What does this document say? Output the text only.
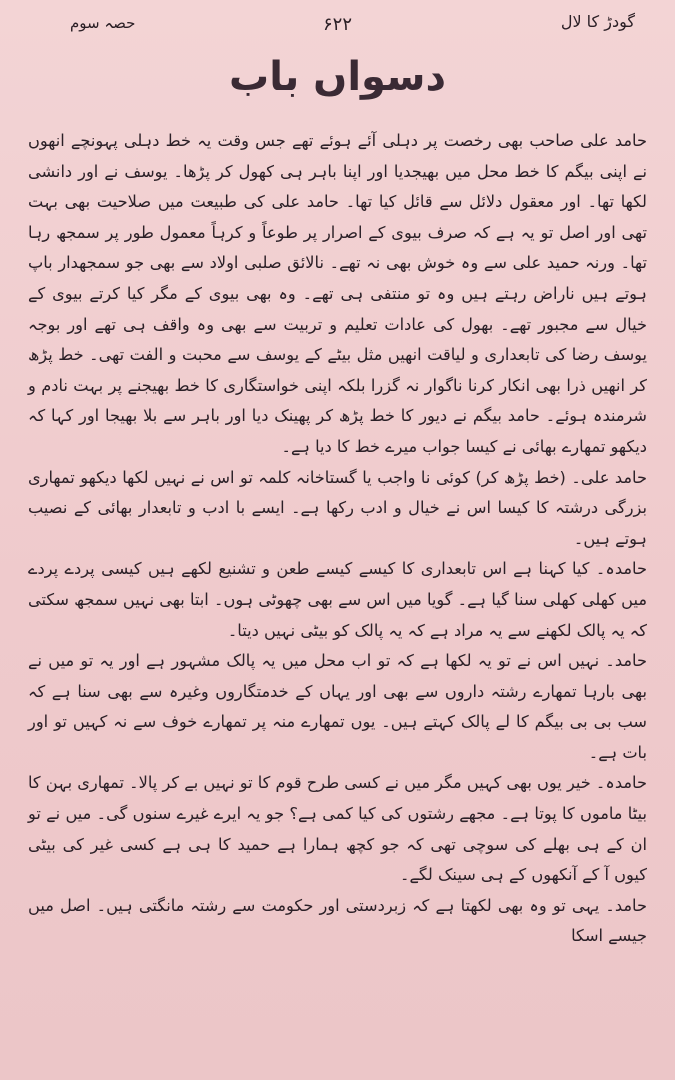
حصہ سوم	۶۲۲	گودڑ کا لال
دسواں باب

حامد علی صاحب بھی رخصت پر دہلی آئے ہوئے تھے جس وقت یہ خط دہلی پہونچے انھوں نے اپنی بیگم کا خط محل میں بھیجدیا اور اپنا باہر ہی کھول کر پڑھا۔ یوسف نے اور دانشی لکھا تھا۔ اور معقول دلائل سے قائل کیا تھا۔ حامد علی کی طبیعت میں صلاحیت بھی بہت تھی اور اصل تو یہ ہے کہ صرف بیوی کے اصرار پر طوعاً و کرہاً معمول طور پر سمجھ رہا تھا۔ ورنہ حمید علی سے وہ خوش بھی نہ تھے۔ نالائق صلبی اولاد سے بھی جو سمجھدار باپ ہوتے ہیں ناراض رہتے ہیں وہ تو منتفی ہی تھے۔ وہ بھی بیوی کے مگر کیا کرتے بیوی کے خیال سے مجبور تھے۔ بھول کی عادات تعلیم و تربیت سے بھی وہ واقف ہی تھے اور بوجہ یوسف رضا کی تابعداری و لیاقت انھیں مثل بیٹے کے یوسف سے محبت و الفت تھی۔ خط پڑھ کر انھیں ذرا بھی انکار کرنا ناگوار نہ گزرا بلکہ اپنی خواستگاری کا خط بھیجنے پر بہت نادم و شرمندہ ہوئے۔ حامد بیگم نے دیور کا خط پڑھ کر پھینک دیا اور باہر سے بلا بھیجا اور کہا کہ دیکھو تمھارے بھائی نے کیسا جواب میرے خط کا دیا ہے۔

حامد علی۔ (خط پڑھ کر) کوئی نا واجب یا گستاخانہ کلمہ تو اس نے نہیں لکھا دیکھو تمھاری بزرگی درشتہ کا کیسا اس نے خیال و ادب رکھا ہے۔ ایسے با ادب و تابعدار بھائی کے نصیب ہوتے ہیں۔

حامدہ۔ کیا کہنا ہے اس تابعداری کا کیسے کیسے طعن و تشنیع لکھے ہیں کیسی پردے پردے میں کھلی کھلی سنا گیا ہے۔ گویا میں اس سے بھی چھوٹی ہوں۔ ابتا بھی نہیں سمجھ سکتی کہ یہ پالک لکھنے سے یہ مراد ہے کہ یہ پالک کو بیٹی نہیں دیتا۔

حامد۔ نہیں اس نے تو یہ لکھا ہے کہ تو اب محل میں یہ پالک مشہور ہے اور یہ تو میں نے بھی بارہا تمھارے رشتہ داروں سے بھی اور یہاں کے خدمتگاروں وغیرہ سے بھی سنا ہے کہ سب بی بی بیگم کا لے پالک کہتے ہیں۔ یوں تمھارے منہ پر تمھارے خوف سے نہ کہیں تو اور بات ہے۔

حامدہ۔ خیر یوں بھی کہیں مگر میں نے کسی طرح قوم کا تو نہیں بے کر پالا۔ تمھاری بہن کا بیٹا ماموں کا پوتا ہے۔ مجھے رشتوں کی کیا کمی ہے؟ جو یہ ایرے غیرے سنوں گی۔ میں نے تو ان کے ہی بھلے کی سوچی تھی کہ جو کچھ ہمارا ہے حمید کا ہی ہے کسی غیر کی بیٹی کیوں آ کے آنکھوں کے ہی سینک لگے۔

حامد۔ یہی تو وہ بھی لکھتا ہے کہ زبردستی اور حکومت سے رشتہ مانگتی ہیں۔ اصل میں جیسے اسکا
